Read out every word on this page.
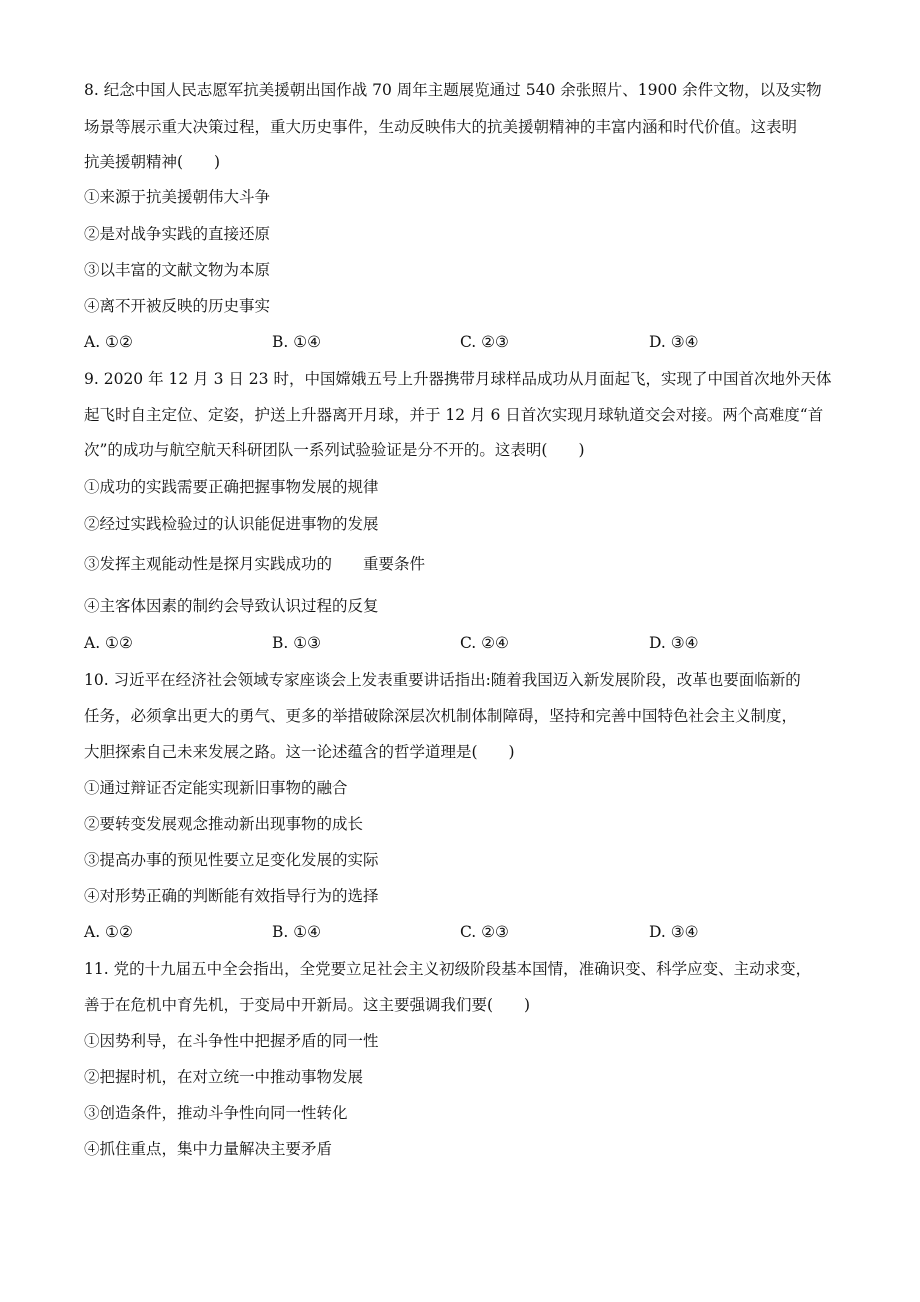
8. 纪念中国人民志愿军抗美援朝出国作战 70 周年主题展览通过 540 余张照片、1900 余件文物，以及实物
场景等展示重大决策过程，重大历史事件，生动反映伟大的抗美援朝精神的丰富内涵和时代价值。这表明
抗美援朝精神(　　)
①来源于抗美援朝伟大斗争
②是对战争实践的直接还原
③以丰富的文献文物为本原
④离不开被反映的历史事实
A. ①②	B. ①④	C. ②③	D. ③④
9. 2020 年 12 月 3 日 23 时，中国嫦娥五号上升器携带月球样品成功从月面起飞，实现了中国首次地外天体
起飞时自主定位、定姿，护送上升器离开月球，并于 12 月 6 日首次实现月球轨道交会对接。两个高难度“首
次”的成功与航空航天科研团队一系列试验验证是分不开的。这表明(　　)
①成功的实践需要正确把握事物发展的规律
②经过实践检验过的认识能促进事物的发展
③发挥主观能动性是探月实践成功的　　重要条件
④主客体因素的制约会导致认识过程的反复
A. ①②	B. ①③	C. ②④	D. ③④
10. 习近平在经济社会领域专家座谈会上发表重要讲话指出:随着我国迈入新发展阶段，改革也要面临新的
任务，必须拿出更大的勇气、更多的举措破除深层次机制体制障碍，坚持和完善中国特色社会主义制度，
大胆探索自己未来发展之路。这一论述蕴含的哲学道理是(　　)
①通过辩证否定能实现新旧事物的融合
②要转变发展观念推动新出现事物的成长
③提高办事的预见性要立足变化发展的实际
④对形势正确的判断能有效指导行为的选择
A. ①②	B. ①④	C. ②③	D. ③④
11. 党的十九届五中全会指出，全党要立足社会主义初级阶段基本国情，准确识变、科学应变、主动求变，
善于在危机中育先机，于变局中开新局。这主要强调我们要(　　)
①因势利导，在斗争性中把握矛盾的同一性
②把握时机，在对立统一中推动事物发展
③创造条件，推动斗争性向同一性转化
④抓住重点，集中力量解决主要矛盾
